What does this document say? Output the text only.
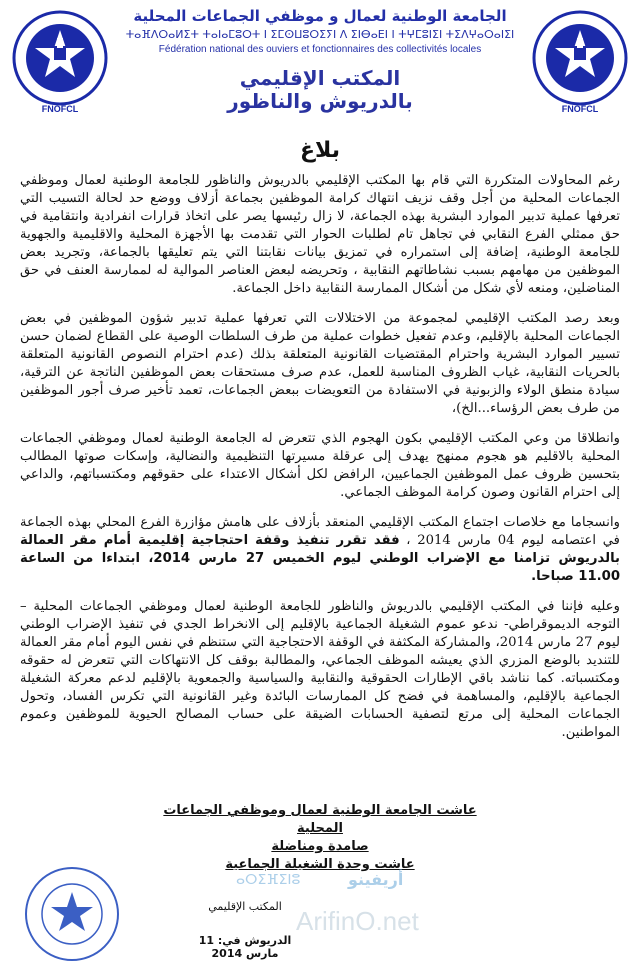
FNOFCL

الجامعة الوطنية لعمال و موظفي الجماعات المحلية

ⵜⴰⴼⴷⵔⴰⵍⵉⵜ ⵜⴰⵏⴰⵎⵓⵔⵜ ⵏ ⵉⵎⵙⵡⵓⵔⵉⵢⵏ ⴷ ⵉⵏⴱⴰⴹⵏ ⵏ ⵜⵖⵎⵓⵏⵉⵏ ⵜⵉⴷⵖⴰⵔⴰⵏⵉⵏ

Fédération national des ouviers et fonctionnaires des collectivités locales

المكتب الإقليمي
بالدريوش والناظور	FNOFCL
بلاغ

رغم المحاولات المتكررة التي قام بها المكتب الإقليمي بالدريوش والناظور للجامعة الوطنية لعمال وموظفي الجماعات المحلية من أجل وقف نزيف انتهاك كرامة الموظفين بجماعة أزلاف ووضع حد لحالة التسيب التي تعرفها عملية تدبير الموارد البشرية بهذه الجماعة، لا زال رئيسها يصر على اتخاذ قرارات انفرادية وانتقامية في حق ممثلي الفرع النقابي في تجاهل تام لطلبات الحوار التي تقدمت بها الأجهزة المحلية والاقليمية والجهوية للجامعة الوطنية، إضافة إلى استمراره في تمزيق بيانات نقابتنا التي يتم تعليقها بالجماعة، وتجريد بعض الموظفين من مهامهم بسبب نشاطاتهم النقابية ، وتحريضه لبعض العناصر الموالية له لممارسة العنف في حق المناضلين، ومنعه لأي شكل من أشكال الممارسة النقابية داخل الجماعة.

وبعد رصد المكتب الإقليمي لمجموعة من الاختلالات التي تعرفها عملية تدبير شؤون الموظفين في بعض الجماعات المحلية بالإقليم، وعدم تفعيل خطوات عملية من طرف السلطات الوصية على القطاع لضمان حسن تسيير الموارد البشرية واحترام المقتضيات القانونية المتعلقة بذلك (عدم احترام النصوص القانونية المتعلقة بالحريات النقابية، غياب الظروف المناسبة للعمل، عدم صرف مستحقات بعض الموظفين الناتجة عن الترقية، سيادة منطق الولاء والزبونية في الاستفادة من التعويضات ببعض الجماعات، تعمد تأخير صرف أجور الموظفين من طرف بعض الرؤساء...الخ)،

وانطلاقا من وعي المكتب الإقليمي بكون الهجوم الذي تتعرض له الجامعة الوطنية لعمال وموظفي الجماعات المحلية بالاقليم هو هجوم ممنهج يهدف إلى عرقلة مسيرتها التنظيمية والنضالية، وإسكات صوتها المطالب بتحسين ظروف عمل الموظفين الجماعيين، الرافض لكل أشكال الاعتداء على حقوقهم ومكتسباتهم، والداعي إلى احترام القانون وصون كرامة الموظف الجماعي.

وانسجاما مع خلاصات اجتماع المكتب الإقليمي المنعقد بأزلاف على هامش مؤازرة الفرع المحلي بهذه الجماعة في اعتصامه ليوم 04 مارس 2014 ، فقد تقرر تنفيذ وقفة احتجاجية إقليمية أمام مقر العمالة بالدريوش تزامنا مع الإضراب الوطني ليوم الخميس 27 مارس 2014، ابتداءا من الساعة 11.00 صباحا.

وعليه فإننا في المكتب الإقليمي بالدريوش والناظور للجامعة الوطنية لعمال وموظفي الجماعات المحلية – التوجه الديموقراطي- ندعو عموم الشغيلة الجماعية بالإقليم إلى الانخراط الجدي في تنفيذ الإضراب الوطني ليوم 27 مارس 2014، والمشاركة المكثفة في الوقفة الاحتجاجية التي ستنظم في نفس اليوم أمام مقر العمالة للتنديد بالوضع المزري الذي يعيشه الموظف الجماعي، والمطالبة بوقف كل الانتهاكات التي تتعرض له حقوقه ومكتسباته. كما نناشد باقي الإطارات الحقوقية والنقابية والسياسية والجمعوية بالإقليم لدعم معركة الشغيلة الجماعية بالإقليم، والمساهمة في فضح كل الممارسات البائدة وغير القانونية التي تكرس الفساد، وتحول الجماعات المحلية إلى مرتع لتصفية الحسابات الضيقة على حساب المصالح الحيوية للموظفين وعموم المواطنين.

عاشت الجامعة الوطنية لعمال وموظفي الجماعات المحلية
صامدة ومناضلة
عاشت وحدة الشغيلة الجماعية
ⴰⵔⵉⴼⵉⵏⵓ	أريفينو
ArifinO.net
المكتب الإقليمي
الدريوش في: 11 مارس 2014
